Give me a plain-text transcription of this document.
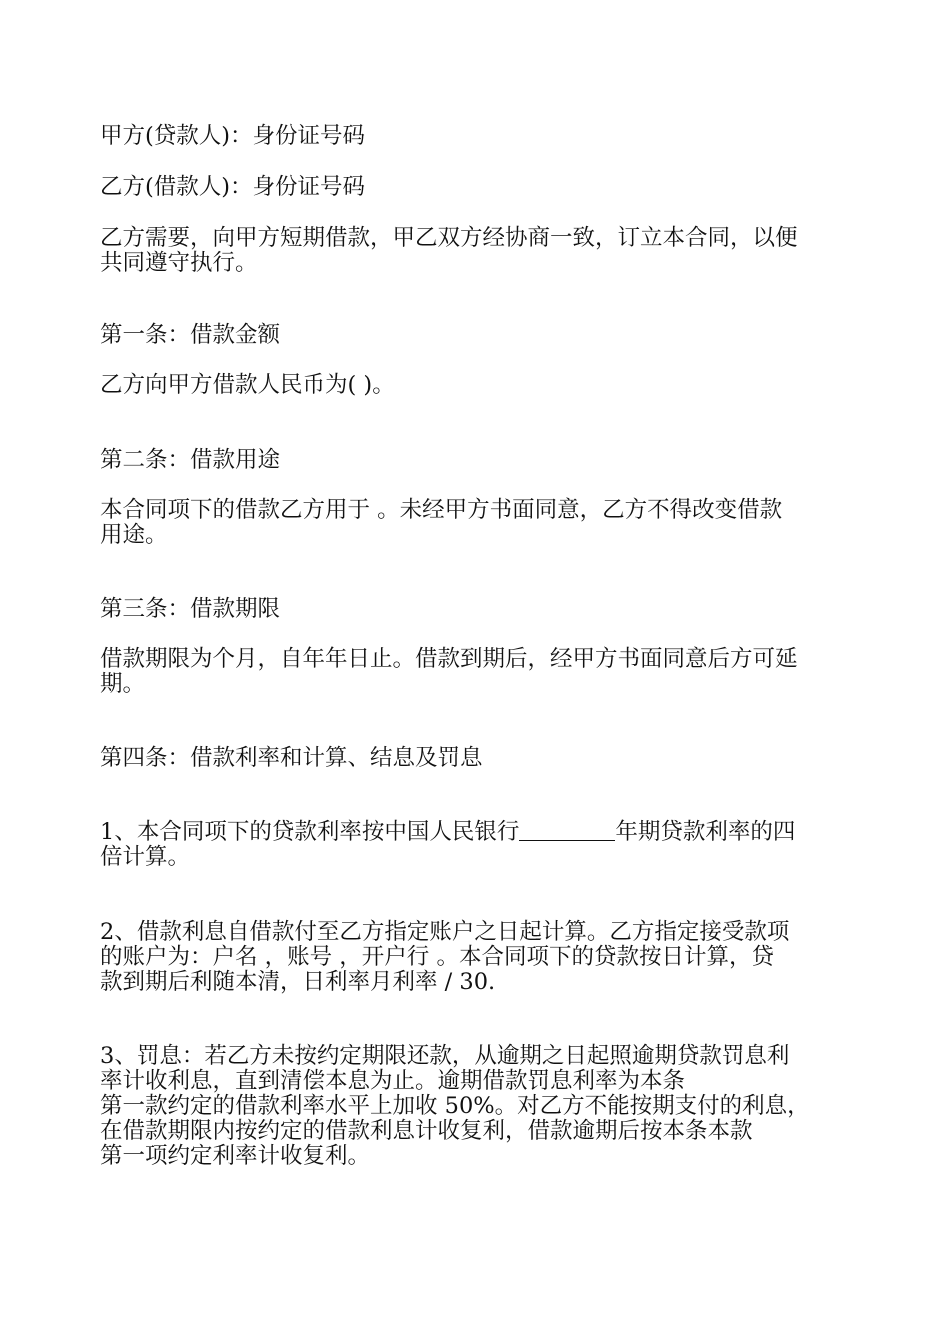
甲方(贷款人)：身份证号码
乙方(借款人)：身份证号码
乙方需要，向甲方短期借款，甲乙双方经协商一致，订立本合同，以便
共同遵守执行。
第一条：借款金额
乙方向甲方借款人民币为( )。
第二条：借款用途
本合同项下的借款乙方用于 。未经甲方书面同意，乙方不得改变借款
用途。
第三条：借款期限
借款期限为个月，自年年日止。借款到期后，经甲方书面同意后方可延
期。
第四条：借款利率和计算、结息及罚息
1、本合同项下的贷款利率按中国人民银行	年期贷款利率的四
倍计算。
2、借款利息自借款付至乙方指定账户之日起计算。乙方指定接受款项
的账户为：户名 ，账号 ，开户行 。本合同项下的贷款按日计算，贷
款到期后利随本清，日利率月利率 / 30.
3、罚息：若乙方未按约定期限还款，从逾期之日起照逾期贷款罚息利
率计收利息，直到清偿本息为止。逾期借款罚息利率为本条
第一款约定的借款利率水平上加收 50%。对乙方不能按期支付的利息，
在借款期限内按约定的借款利息计收复利，借款逾期后按本条本款
第一项约定利率计收复利。
